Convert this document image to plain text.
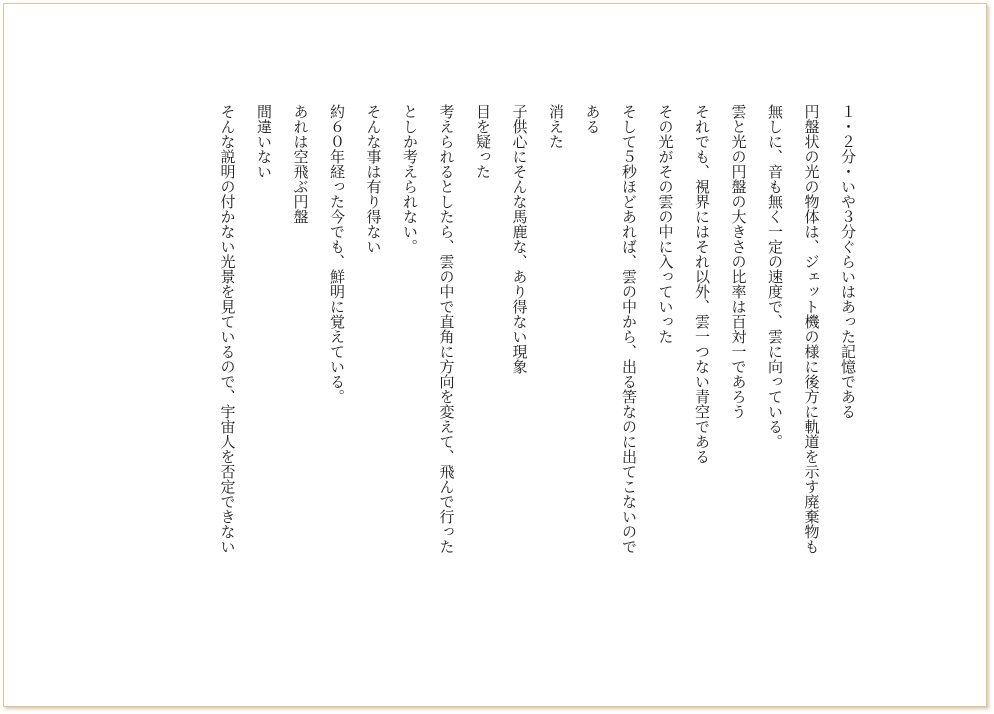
１・２分・いや３分ぐらいはあった記憶である

円盤状の光の物体は、ジェット機の様に後方に軌道を示す廃棄物も

無しに、音も無く一定の速度で、雲に向っている。

雲と光の円盤の大きさの比率は百対一であろう

それでも、視界にはそれ以外、雲一つない青空である

その光がその雲の中に入っていった

そして５秒ほどあれば、雲の中から、出る筈なのに出てこないので

ある

消えた

子供心にそんな馬鹿な、あり得ない現象

目を疑った

考えられるとしたら、雲の中で直角に方向を変えて、飛んで行った

としか考えられない。

そんな事は有り得ない

約６０年経った今でも、鮮明に覚えている。

あれは空飛ぶ円盤

間違いない

そんな説明の付かない光景を見ているので、宇宙人を否定できない
